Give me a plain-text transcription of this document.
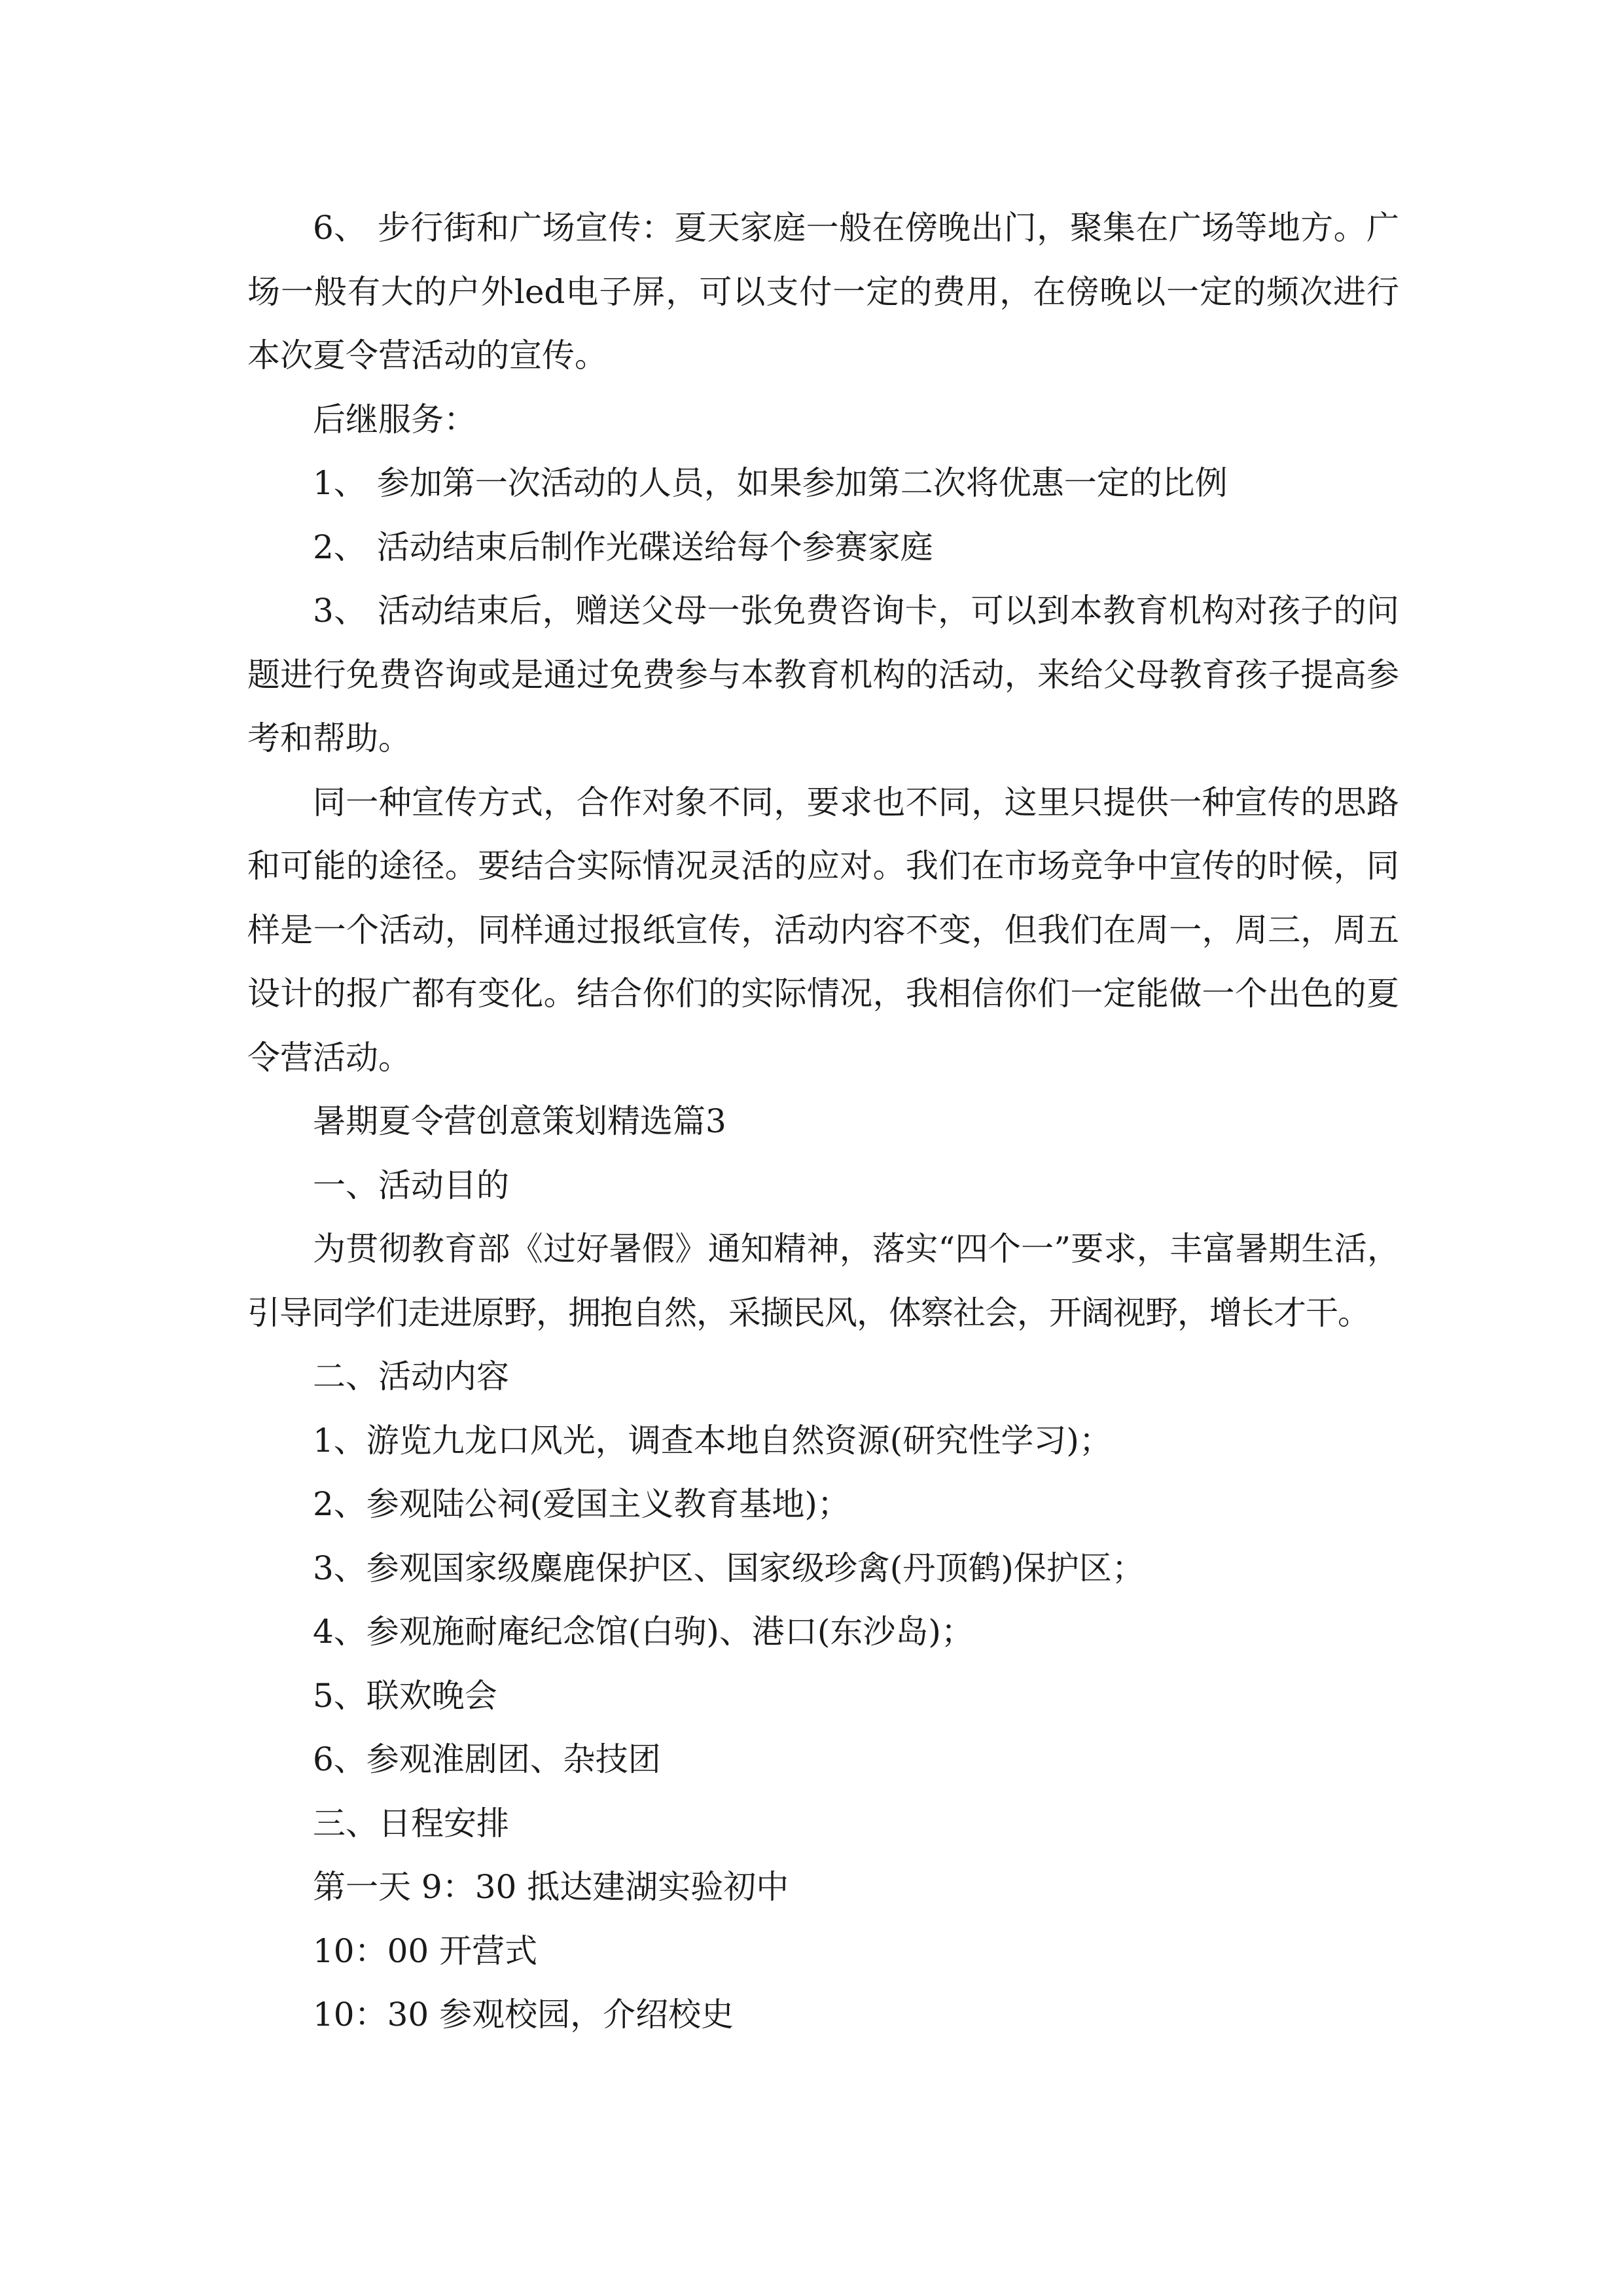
6、 步行街和广场宣传：夏天家庭一般在傍晚出门，聚集在广场等地方。广场一般有大的户外led电子屏，可以支付一定的费用，在傍晚以一定的频次进行本次夏令营活动的宣传。

后继服务：

1、 参加第一次活动的人员，如果参加第二次将优惠一定的比例

2、 活动结束后制作光碟送给每个参赛家庭

3、 活动结束后，赠送父母一张免费咨询卡，可以到本教育机构对孩子的问题进行免费咨询或是通过免费参与本教育机构的活动，来给父母教育孩子提高参考和帮助。

同一种宣传方式，合作对象不同，要求也不同，这里只提供一种宣传的思路和可能的途径。要结合实际情况灵活的应对。我们在市场竞争中宣传的时候，同样是一个活动，同样通过报纸宣传，活动内容不变，但我们在周一，周三，周五设计的报广都有变化。结合你们的实际情况，我相信你们一定能做一个出色的夏令营活动。

暑期夏令营创意策划精选篇3

一、活动目的

为贯彻教育部《过好暑假》通知精神，落实“四个一”要求，丰富暑期生活，引导同学们走进原野，拥抱自然，采撷民风，体察社会，开阔视野，增长才干。

二、活动内容

1、游览九龙口风光，调查本地自然资源(研究性学习)；

2、参观陆公祠(爱国主义教育基地)；

3、参观国家级麋鹿保护区、国家级珍禽(丹顶鹤)保护区；

4、参观施耐庵纪念馆(白驹)、港口(东沙岛)；

5、联欢晚会

6、参观淮剧团、杂技团

三、日程安排

第一天 9：30 抵达建湖实验初中

10：00 开营式

10：30 参观校园，介绍校史
